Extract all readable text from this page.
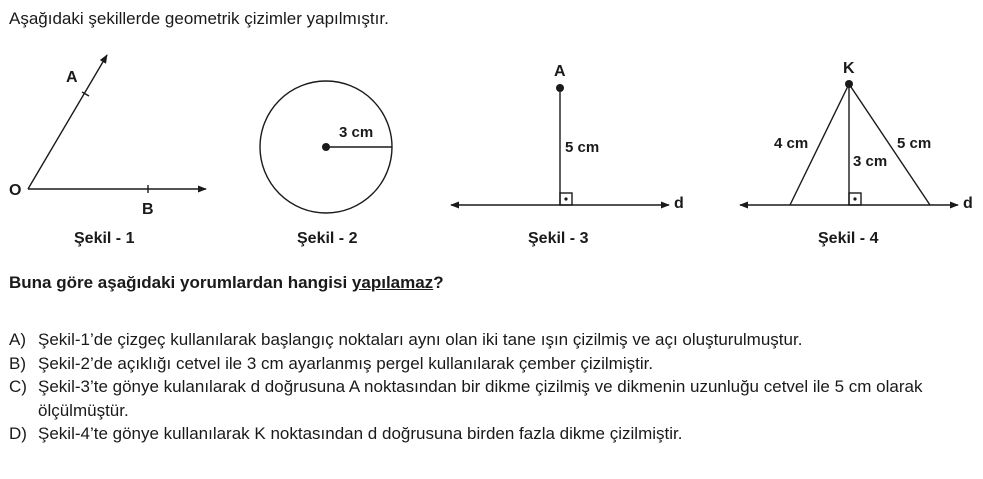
Aşağıdaki şekillerde geometrik çizimler yapılmıştır.
O
A
B
Şekil - 1
3 cm
Şekil - 2
A
d
5 cm
Şekil - 3
K
d
4 cm
3 cm
5 cm
Şekil - 4
Buna göre aşağıdaki yorumlardan hangisi yapılamaz?
A) Şekil-1’de çizgeç kullanılarak başlangıç noktaları aynı olan iki tane ışın çizilmiş ve açı oluşturulmuştur.
B) Şekil-2’de açıklığı cetvel ile 3 cm ayarlanmış pergel kullanılarak çember çizilmiştir.
C) Şekil-3’te gönye kulanılarak d doğrusuna A noktasından bir dikme çizilmiş ve dikmenin uzunluğu cetvel ile 5 cm olarak ölçülmüştür.
D) Şekil-4’te gönye kullanılarak K noktasından d doğrusuna birden fazla dikme çizilmiştir.
